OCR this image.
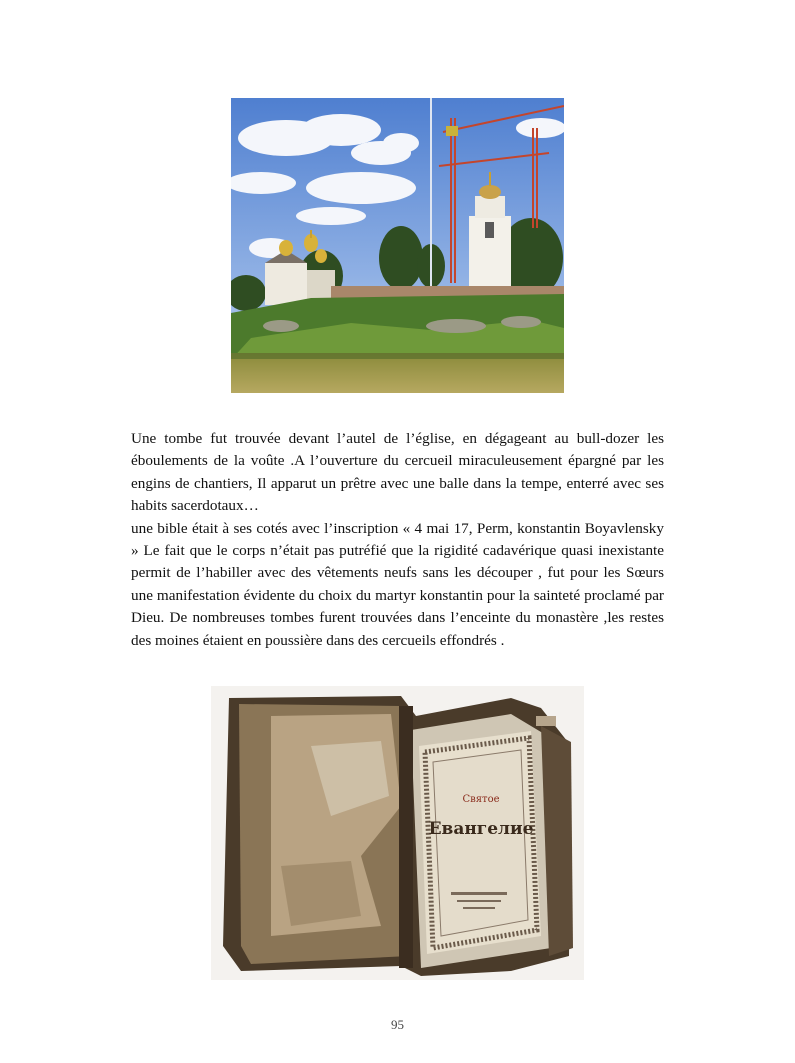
Une tombe fut trouvée devant l’autel de l’église, en dégageant au bull-dozer les éboulements de la voûte .A l’ouverture du cercueil miraculeusement épargné par les engins de chantiers, Il apparut un prêtre avec une balle dans la tempe, enterré avec ses habits sacerdotaux…

une bible était à ses cotés avec l’inscription « 4 mai 17, Perm, konstantin Boyavlensky » Le fait que le corps n’était pas putréfié que la rigidité cadavérique quasi inexistante permit de l’habiller avec des vêtements neufs sans les découper , fut pour les Sœurs une manifestation évidente du choix du martyr konstantin pour la sainteté proclamé par Dieu. De nombreuses tombes furent trouvées dans l’enceinte du monastère ,les restes des moines étaient en poussière dans des cercueils effondrés .

Святое
Евангелие
95
